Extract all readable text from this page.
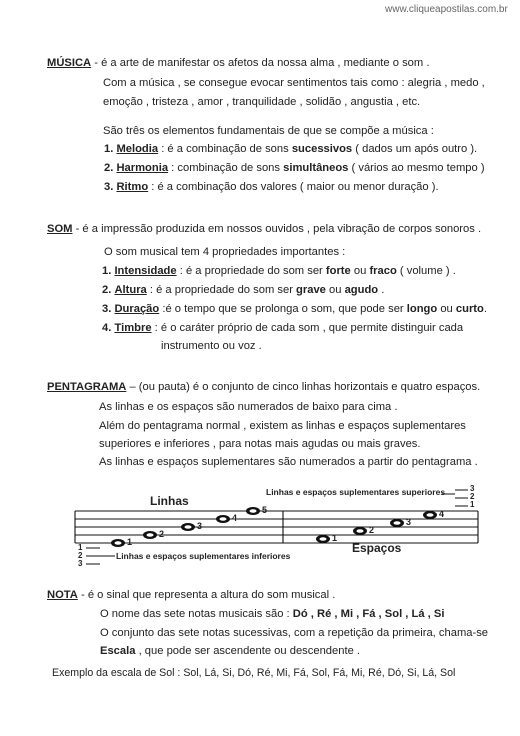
www.cliqueapostilas.com.br
MÚSICA - é a arte de manifestar os afetos da nossa alma , mediante o som .
Com a música , se consegue evocar sentimentos tais como : alegria , medo ,
emoção , tristeza , amor , tranquilidade , solidão , angustia , etc.
São três os elementos fundamentais de que se compõe a música :
1. Melodia : é a combinação de sons sucessivos ( dados um após outro ).
2. Harmonia : combinação de sons simultâneos ( vários ao mesmo tempo )
3. Ritmo : é a combinação dos valores ( maior ou menor duração ).
SOM - é a impressão produzida em nossos ouvidos , pela vibração de corpos sonoros .
O som musical tem 4 propriedades importantes :
1. Intensidade : é a propriedade do som ser forte ou fraco ( volume ) .
2. Altura : é a propriedade do som ser grave ou agudo .
3. Duração :é o tempo que se prolonga o som, que pode ser longo ou curto.
4. Timbre : é o caráter próprio de cada som , que permite distinguir cada
instrumento ou voz .
PENTAGRAMA – (ou pauta) é o conjunto de cinco linhas horizontais e quatro espaços.
As linhas e os espaços são numerados de baixo para cima .
Além do pentagrama normal , existem as linhas e espaços suplementares
superiores e inferiores , para notas mais agudas ou mais graves.
As linhas e espaços suplementares são numerados a partir do pentagrama .
1
2
3
4
5
1
2
3
4
Linhas
Espaços
Linhas e espaços suplementares superiores
Linhas e espaços suplementares inferiores
3
2
1
1
2
3
NOTA - é o sinal que representa a altura do som musical .
O nome das sete notas musicais são : Dó , Ré , Mi , Fá , Sol , Lá , Si
O conjunto das sete notas sucessivas, com a repetição da primeira, chama-se
Escala , que pode ser ascendente ou descendente .
Exemplo da escala de Sol : Sol, Lá, Si, Dó, Ré, Mi, Fá, Sol, Fá, Mi, Ré, Dó, Si, Lá, Sol
